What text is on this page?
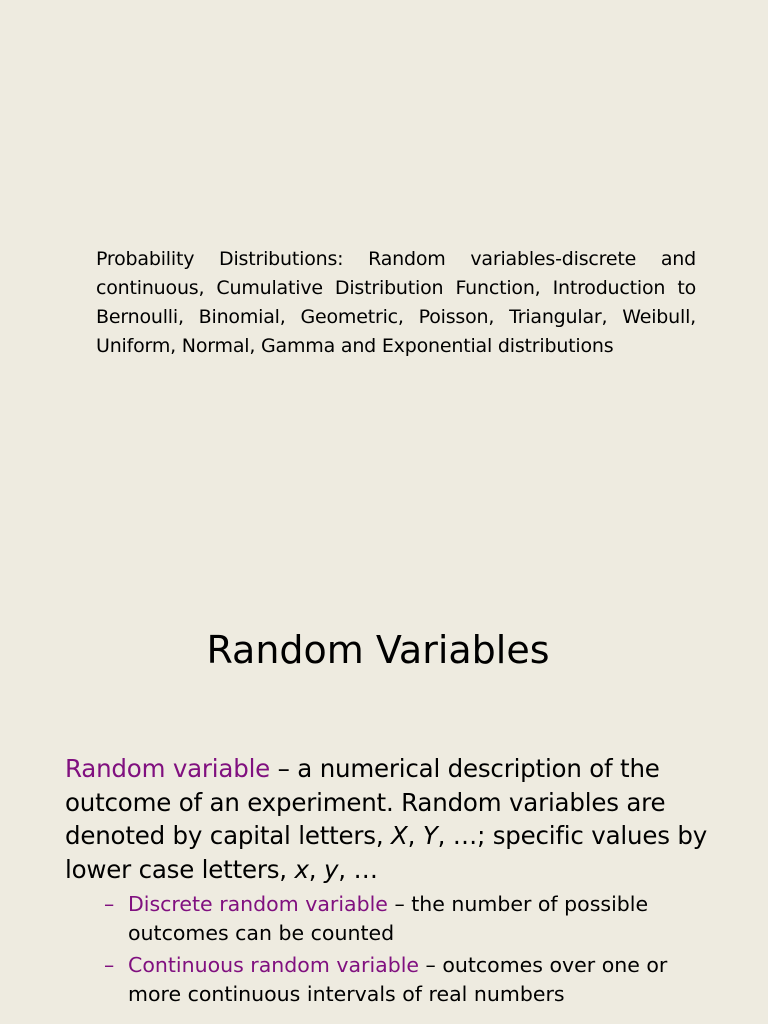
Probability Distributions: Random variables-discrete and continuous, Cumulative Distribution Function, Introduction to Bernoulli, Binomial, Geometric, Poisson, Triangular, Weibull, Uniform, Normal, Gamma and Exponential distributions
Random Variables
Random variable – a numerical description of the outcome of an experiment. Random variables are denoted by capital letters, X, Y, …; specific values by lower case letters, x, y, …
– Discrete random variable – the number of possible outcomes can be counted
– Continuous random variable – outcomes over one or more continuous intervals of real numbers
